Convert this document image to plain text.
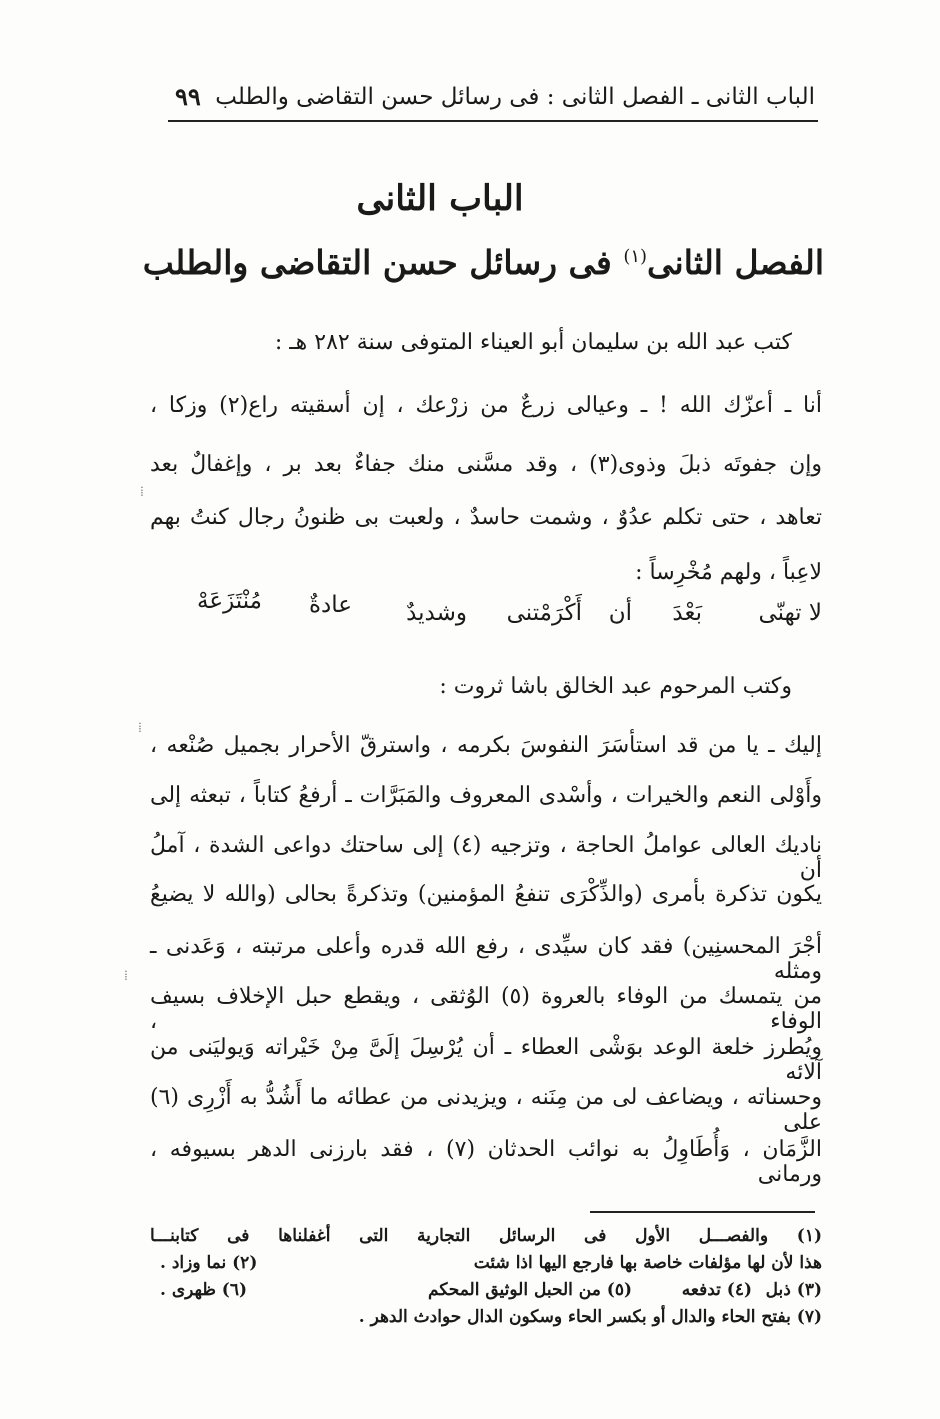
الباب الثانى ـ الفصل الثانى : فى رسائل حسن التقاضى والطلب
٩٩
الباب الثانى
الفصل الثانى$^{(١)}$ فى رسائل حسن التقاضى والطلب
كتب عبد الله بن سليمان أبو العيناء المتوفى سنة ٢٨٢ هـ :
أنا ـ أعزّك الله ! ـ وعيالى زرعٌ من زرْعك ، إن أسقيته راع(٢) وزكا ،
وإن جفوتَه ذبلَ وذوى(٣) ، وقد مسَّنى منك جفاءٌ بعد بر ، وإغفالٌ بعد
تعاهد ، حتى تكلم عدُوٌ ، وشمت حاسدٌ ، ولعبت بى ظنونُ رجال كنتُ بهم
لاعِباً ، ولهم مُخْرِساً :
لا تهنّى
بَعْدَ
أن
أَكْرَمْتنى
وشديدٌ
عادةٌ
مُنْتَزَعَهْ
وكتب المرحوم عبد الخالق باشا ثروت :
إليك ـ يا من قد استأسَرَ النفوسَ بكرمه ، واسترقّ الأحرار بجميل صُنْعه ،
وأَوْلى النعم والخيرات ، وأسْدى المعروف والمَبَرَّات ـ أرفعُ كتاباً ، تبعثه إلى
ناديك العالى عواملُ الحاجة ، وتزجيه (٤) إلى ساحتك دواعى الشدة ، آملُ أن
يكون تذكرة بأمرى (والذِّكْرَى تنفعُ المؤمنين) وتذكرةً بحالى (والله لا يضيعُ
أجْرَ المحسنِين) فقد كان سيِّدى ، رفع الله قدره وأعلى مرتبته ، وَعَدنى ـ ومثله
من يتمسك من الوفاء بالعروة (٥) الوُثقى ، ويقطع حبل الإخلاف بسيف الوفاء ،
ويُطرز خلعة الوعد بوَشْى العطاء ـ أن يُرْسِلَ إلَىَّ مِنْ خَيْراته وَيوليَنى من آلائه
وحسناته ، ويضاعف لى من مِنَنه ، ويزيدنى من عطائه ما أَشُدُّ به أَزْرِى (٦) على
الزَّمَان ، وَأُطَاوِلُ به نوائب الحدثان (٧) ، فقد بارزنى الدهر بسيوفه ، ورمانى
(١) والفصـــل الأول فى الرسائل التجارية التى أغفلناها فى كتابنـــا
هذا لأن لها مؤلفات خاصة بها فارجع اليها اذا شئت
(٢) نما وزاد .
(٣) ذبل
(٤) تدفعه
(٥) من الحبل الوثيق المحكم
(٦) ظهرى .
(٧) بفتح الحاء والدال أو بكسر الحاء وسكون الدال حوادث الدهر .
⁞
⁞
⁞
